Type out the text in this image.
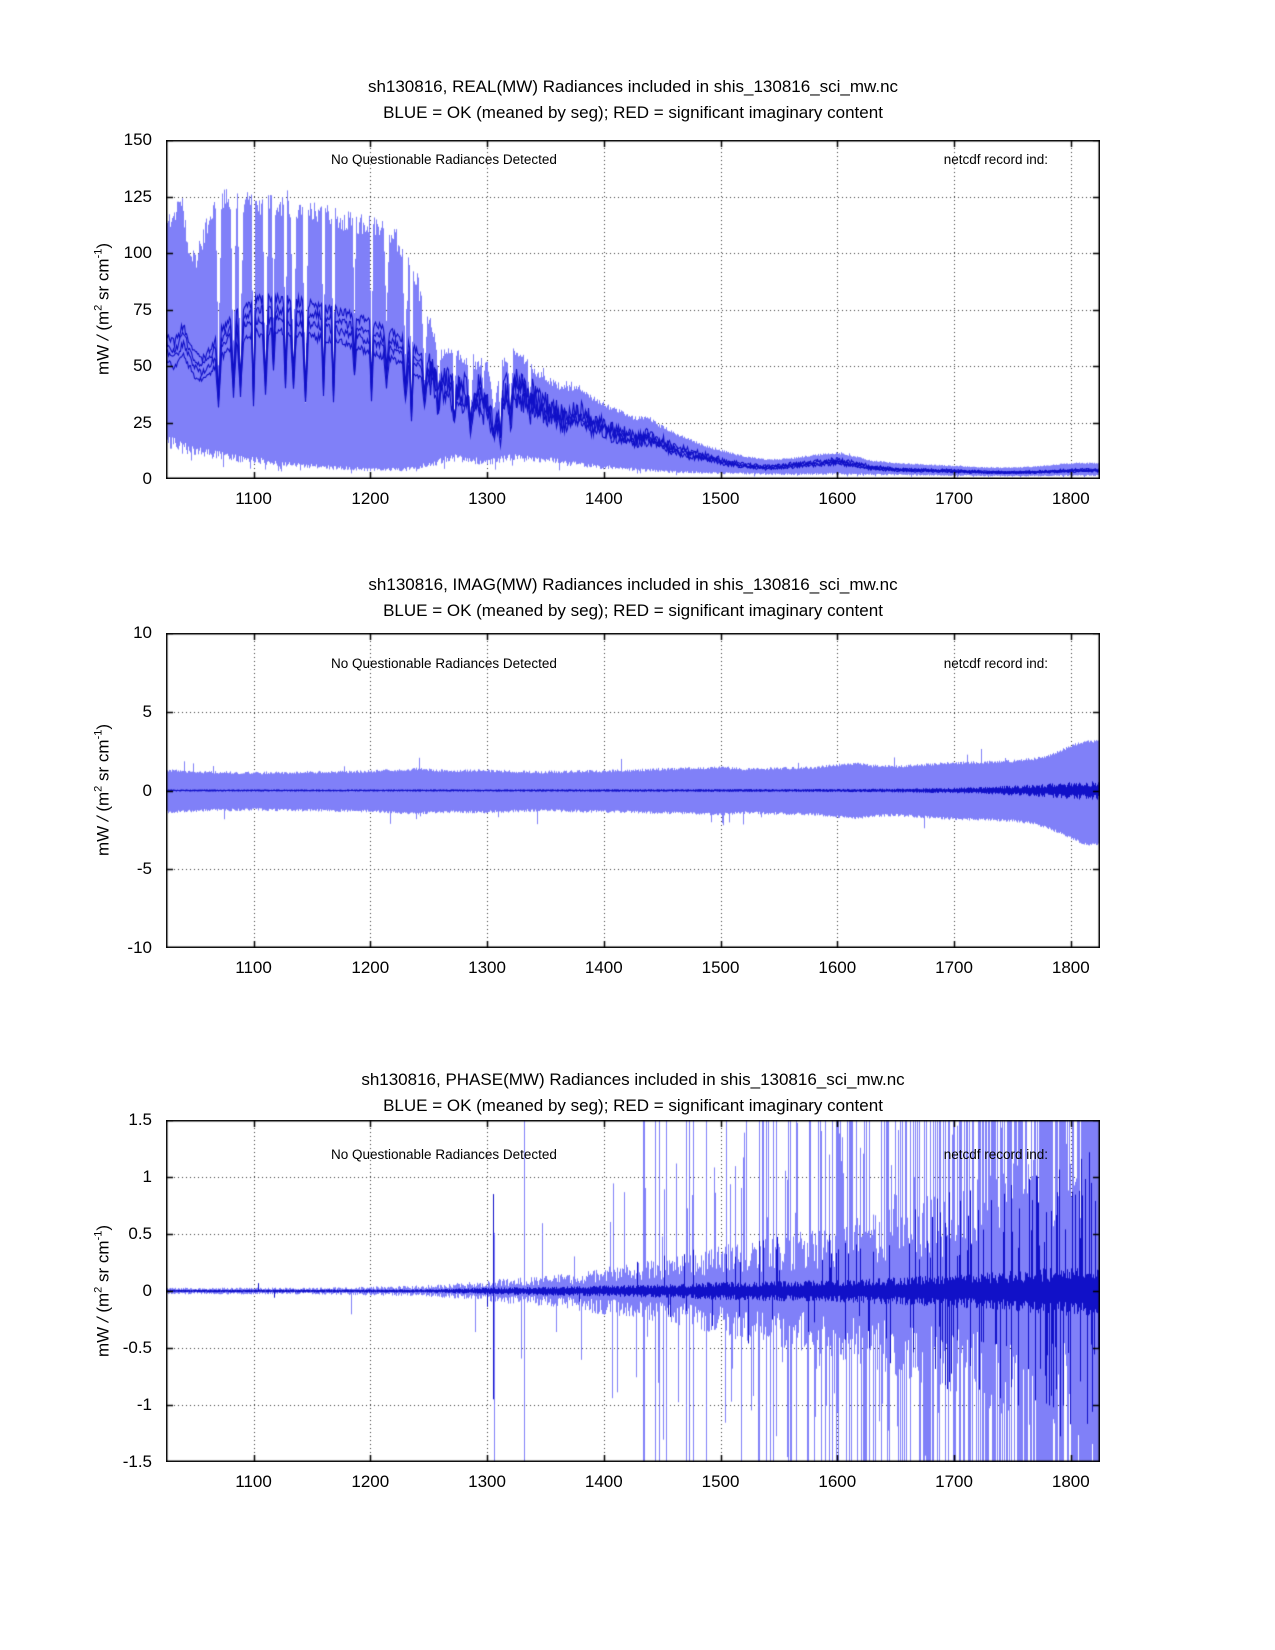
sh130816, REAL(MW) Radiances included in shis_130816_sci_mw.nc
BLUE = OK (meaned by seg); RED = significant imaginary content
mW / ($m^2$ sr $cm^{-1}$)
No Questionable Radiances Detected	netcdf record ind:
0
25
50
75
100
125
150
1100	1200	1300	1400	1500	1600	1700	1800
sh130816, IMAG(MW) Radiances included in shis_130816_sci_mw.nc
BLUE = OK (meaned by seg); RED = significant imaginary content
mW / ($m^2$ sr $cm^{-1}$)
No Questionable Radiances Detected	netcdf record ind:
-10
-5
0
5
10
1100	1200	1300	1400	1500	1600	1700	1800
sh130816, PHASE(MW) Radiances included in shis_130816_sci_mw.nc
BLUE = OK (meaned by seg); RED = significant imaginary content
mW / ($m^2$ sr $cm^{-1}$)
No Questionable Radiances Detected	netcdf record ind:
-1.5
-1
-0.5
0
0.5
1
1.5
1100	1200	1300	1400	1500	1600	1700	1800
